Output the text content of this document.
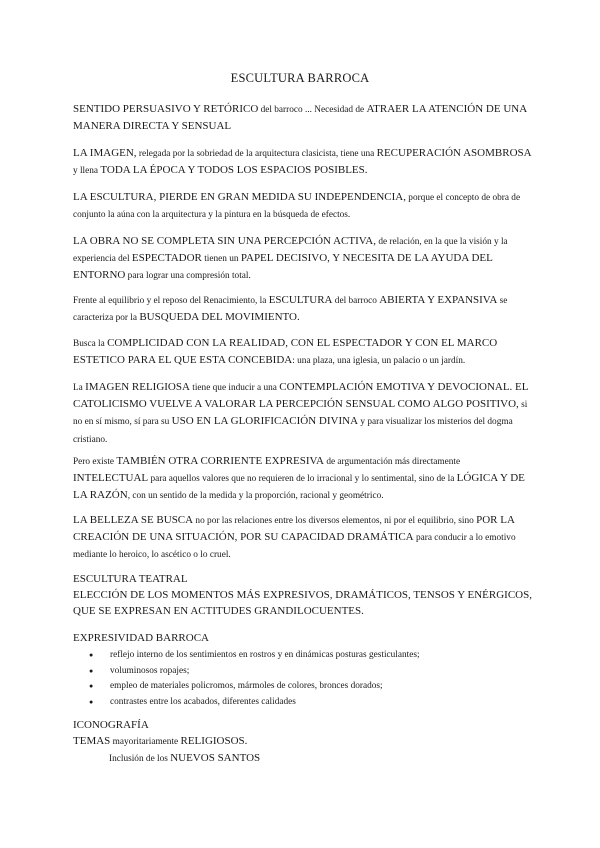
ESCULTURA BARROCA

SENTIDO PERSUASIVO Y RETÓRICO del barroco ... Necesidad de ATRAER LA ATENCIÓN DE UNA MANERA DIRECTA Y SENSUAL

LA IMAGEN, relegada por la sobriedad de la arquitectura clasicista, tiene una RECUPERACIÓN ASOMBROSA y llena TODA LA ÉPOCA Y TODOS LOS ESPACIOS POSIBLES.

LA ESCULTURA, PIERDE EN GRAN MEDIDA SU INDEPENDENCIA, porque el concepto de obra de conjunto la aúna con la arquitectura y la pintura en la búsqueda de efectos.

LA OBRA NO SE COMPLETA SIN UNA PERCEPCIÓN ACTIVA, de relación, en la que la visión y la experiencia del ESPECTADOR tienen un PAPEL DECISIVO, Y NECESITA DE LA AYUDA DEL ENTORNO para lograr una compresión total.

Frente al equilibrio y el reposo del Renacimiento, la ESCULTURA del barroco ABIERTA Y EXPANSIVA se caracteriza por la BUSQUEDA DEL MOVIMIENTO.

Busca la COMPLICIDAD CON LA REALIDAD, CON EL ESPECTADOR Y CON EL MARCO ESTETICO PARA EL QUE ESTA CONCEBIDA: una plaza, una iglesia, un palacio o un jardín.

La IMAGEN RELIGIOSA tiene que inducir a una CONTEMPLACIÓN EMOTIVA Y DEVOCIONAL. EL CATOLICISMO VUELVE A VALORAR LA PERCEPCIÓN SENSUAL COMO ALGO POSITIVO, si no en sí mismo, sí para su USO EN LA GLORIFICACIÓN DIVINA y para visualizar los misterios del dogma cristiano.

Pero existe TAMBIÉN OTRA CORRIENTE EXPRESIVA de argumentación más directamente INTELECTUAL para aquellos valores que no requieren de lo irracional y lo sentimental, sino de la LÓGICA Y DE LA RAZÓN, con un sentido de la medida y la proporción, racional y geométrico.

LA BELLEZA SE BUSCA no por las relaciones entre los diversos elementos, ni por el equilibrio, sino POR LA CREACIÓN DE UNA SITUACIÓN, POR SU CAPACIDAD DRAMÁTICA para conducir a lo emotivo mediante lo heroico, lo ascético o lo cruel.

ESCULTURA TEATRAL

ELECCIÓN DE LOS MOMENTOS MÁS EXPRESIVOS, DRAMÁTICOS, TENSOS Y ENÉRGICOS, QUE SE EXPRESAN EN ACTITUDES GRANDILOCUENTES.

EXPRESIVIDAD BARROCA

● reflejo interno de los sentimientos en rostros y en dinámicas posturas gesticulantes;
● voluminosos ropajes;
● empleo de materiales policromos, mármoles de colores, bronces dorados;
● contrastes entre los acabados, diferentes calidades

ICONOGRAFÍA

TEMAS mayoritariamente RELIGIOSOS.

Inclusión de los NUEVOS SANTOS
